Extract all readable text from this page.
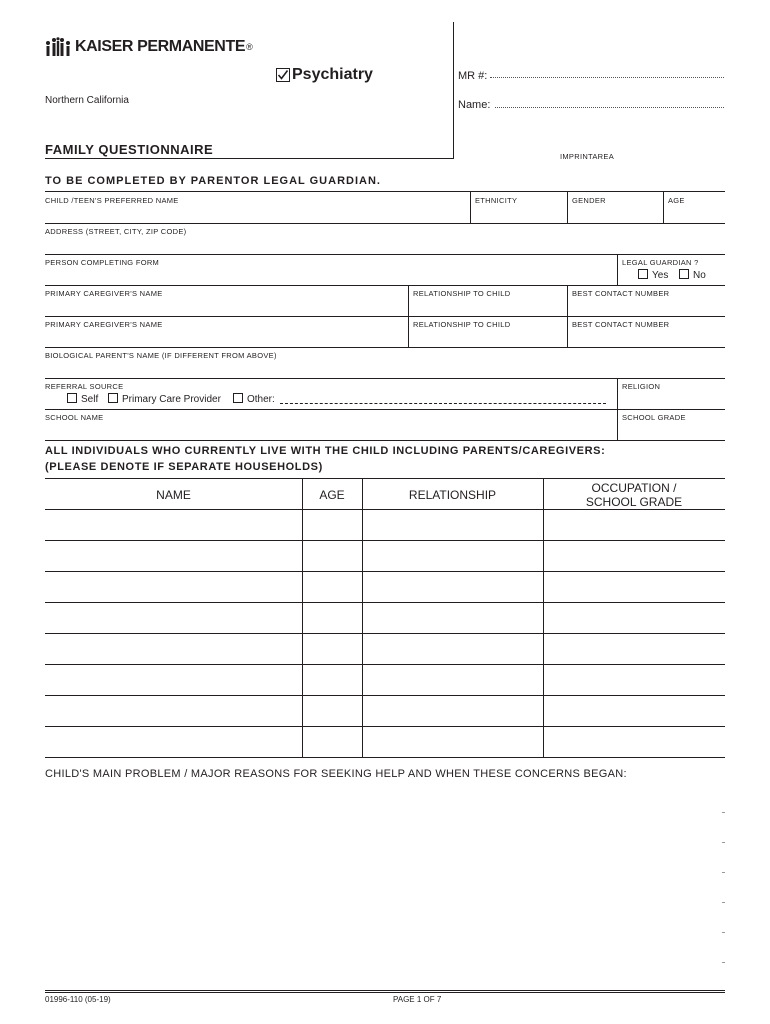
KAISER PERMANENTE ®
Psychiatry
Northern California
FAMILY QUESTIONNAIRE
MR #:
Name:
IMPRINTAREA
TO BE COMPLETED BY PARENTOR LEGAL GUARDIAN.
CHILD /TEEN'S PREFERRED NAME	ETHNICITY	GENDER	AGE
ADDRESS (STREET, CITY, ZIP CODE)
PERSON COMPLETING FORM	LEGAL GUARDIAN ?
Yes	No
PRIMARY CAREGIVER'S NAME	RELATIONSHIP TO CHILD	BEST CONTACT NUMBER
PRIMARY CAREGIVER'S NAME	RELATIONSHIP TO CHILD	BEST CONTACT NUMBER
BIOLOGICAL PARENT'S NAME (IF DIFFERENT FROM ABOVE)
REFERRAL SOURCE	RELIGION
Self	Primary Care Provider	Other:
SCHOOL NAME	SCHOOL GRADE
ALL INDIVIDUALS WHO CURRENTLY LIVE WITH THE CHILD INCLUDING PARENTS/CAREGIVERS:
(PLEASE DENOTE IF SEPARATE HOUSEHOLDS)
NAME	AGE	RELATIONSHIP	OCCUPATION /
SCHOOL GRADE
CHILD'S MAIN PROBLEM / MAJOR REASONS FOR SEEKING HELP AND WHEN THESE CONCERNS BEGAN:
01996-110 (05-19)	PAGE 1 OF 7
